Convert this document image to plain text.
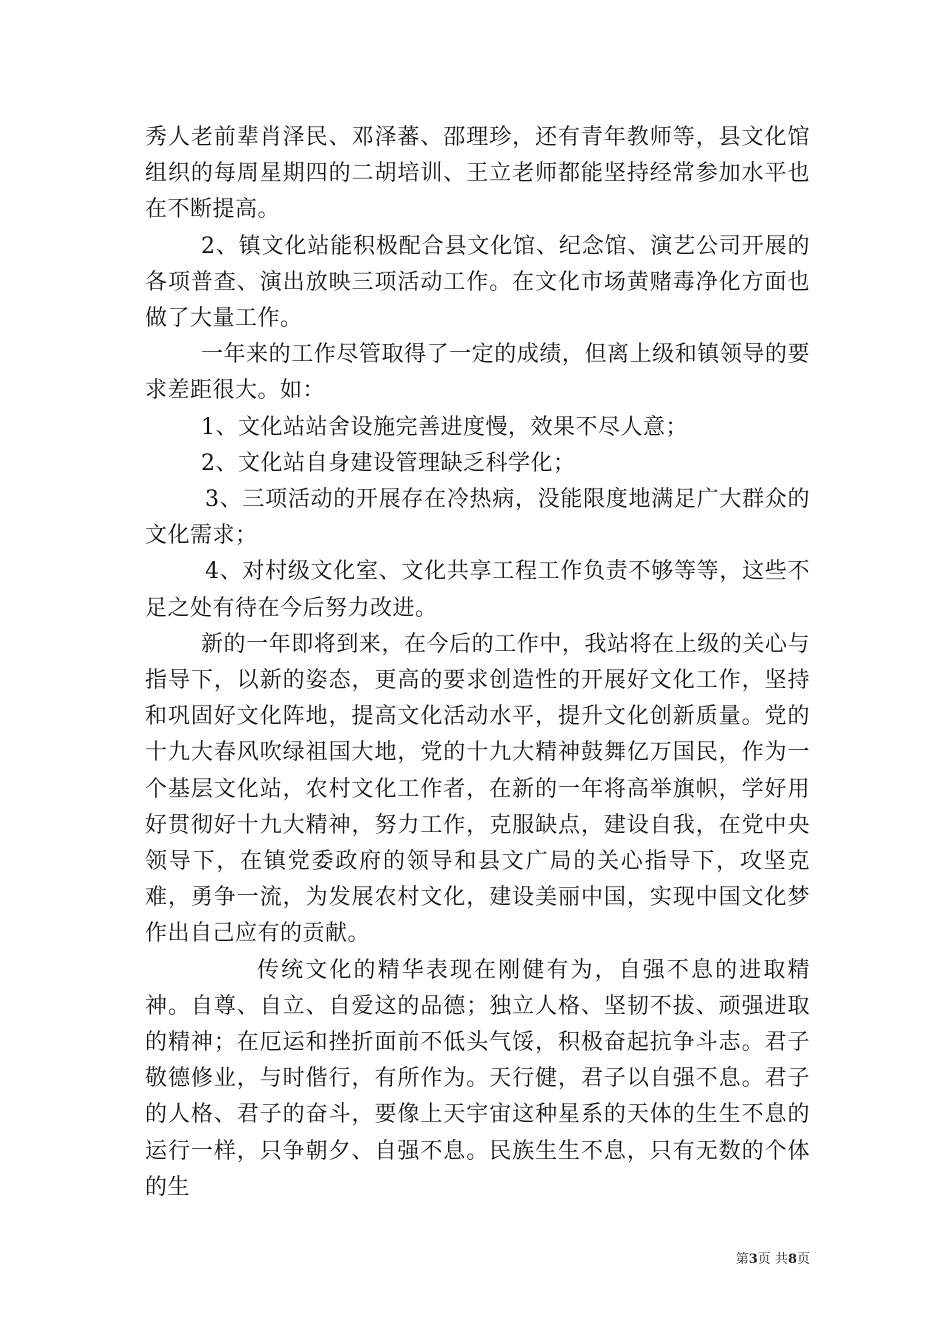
秀人老前辈肖泽民、邓泽蕃、邵理珍，还有青年教师等，县文化馆组织的每周星期四的二胡培训、王立老师都能坚持经常参加水平也在不断提高。

2、镇文化站能积极配合县文化馆、纪念馆、演艺公司开展的各项普查、演出放映三项活动工作。在文化市场黄赌毒净化方面也做了大量工作。

一年来的工作尽管取得了一定的成绩，但离上级和镇领导的要求差距很大。如：

1、文化站站舍设施完善进度慢，效果不尽人意；

2、文化站自身建设管理缺乏科学化；

3、三项活动的开展存在冷热病，没能限度地满足广大群众的文化需求；

4、对村级文化室、文化共享工程工作负责不够等等，这些不足之处有待在今后努力改进。

新的一年即将到来，在今后的工作中，我站将在上级的关心与指导下，以新的姿态，更高的要求创造性的开展好文化工作，坚持和巩固好文化阵地，提高文化活动水平，提升文化创新质量。党的十九大春风吹绿祖国大地，党的十九大精神鼓舞亿万国民，作为一个基层文化站，农村文化工作者，在新的一年将高举旗帜，学好用好贯彻好十九大精神，努力工作，克服缺点，建设自我，在党中央领导下，在镇党委政府的领导和县文广局的关心指导下，攻坚克难，勇争一流，为发展农村文化，建设美丽中国，实现中国文化梦作出自己应有的贡献。

传统文化的精华表现在刚健有为，自强不息的进取精神。自尊、自立、自爱这的品德；独立人格、坚韧不拔、顽强进取的精神；在厄运和挫折面前不低头气馁，积极奋起抗争斗志。君子敬德修业，与时偕行，有所作为。天行健，君子以自强不息。君子的人格、君子的奋斗，要像上天宇宙这种星系的天体的生生不息的运行一样，只争朝夕、自强不息。民族生生不息，只有无数的个体的生

第3页 共8页
